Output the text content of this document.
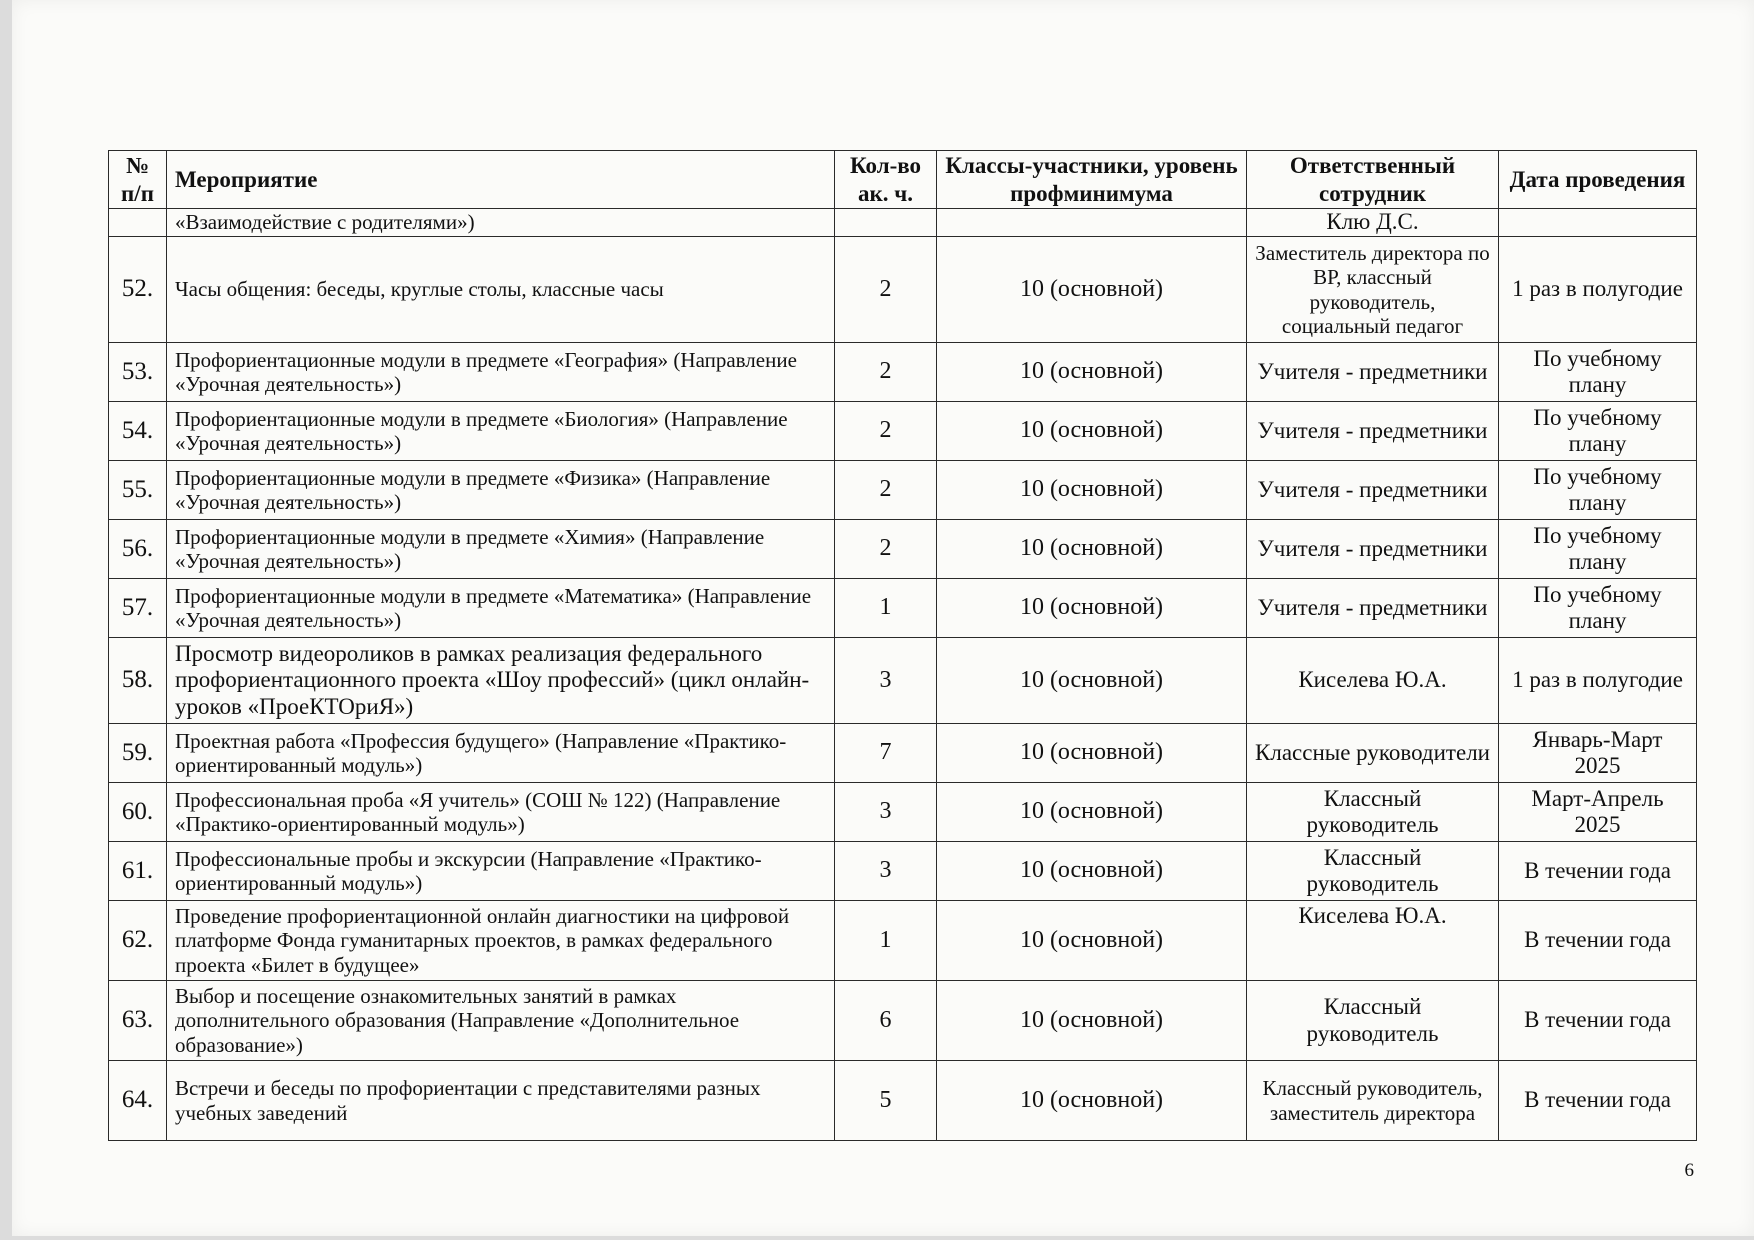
№ п/п	Мероприятие	Кол-во ак. ч.	Классы-участники, уровень профминимума	Ответственный сотрудник	Дата проведения
	«Взаимодействие с родителями»)			Клю Д.С.	
52.	Часы общения: беседы, круглые столы, классные часы	2	10 (основной)	Заместитель директора по ВР, классный руководитель, социальный педагог	1 раз в полугодие
53.	Профориентационные модули в предмете «География» (Направление «Урочная деятельность»)	2	10 (основной)	Учителя - предметники	По учебному плану
54.	Профориентационные модули в предмете «Биология» (Направление «Урочная деятельность»)	2	10 (основной)	Учителя - предметники	По учебному плану
55.	Профориентационные модули в предмете «Физика» (Направление «Урочная деятельность»)	2	10 (основной)	Учителя - предметники	По учебному плану
56.	Профориентационные модули в предмете «Химия» (Направление «Урочная деятельность»)	2	10 (основной)	Учителя - предметники	По учебному плану
57.	Профориентационные модули в предмете «Математика» (Направление «Урочная деятельность»)	1	10 (основной)	Учителя - предметники	По учебному плану
58.	Просмотр видеороликов в рамках реализация федерального профориентационного проекта «Шоу профессий» (цикл онлайн-уроков «ПроеКТОриЯ»)	3	10 (основной)	Киселева Ю.А.	1 раз в полугодие
59.	Проектная работа «Профессия будущего» (Направление «Практико-ориентированный модуль»)	7	10 (основной)	Классные руководители	Январь-Март 2025
60.	Профессиональная проба «Я учитель» (СОШ № 122) (Направление «Практико-ориентированный модуль»)	3	10 (основной)	Классный руководитель	Март-Апрель 2025
61.	Профессиональные пробы и экскурсии (Направление «Практико-ориентированный модуль»)	3	10 (основной)	Классный руководитель	В течении года
62.	Проведение профориентационной онлайн диагностики на цифровой платформе Фонда гуманитарных проектов, в рамках федерального проекта «Билет в будущее»	1	10 (основной)	Киселева Ю.А.	В течении года
63.	Выбор и посещение ознакомительных занятий в рамках дополнительного образования (Направление «Дополнительное образование»)	6	10 (основной)	Классный руководитель	В течении года
64.	Встречи и беседы по профориентации с представителями разных учебных заведений	5	10 (основной)	Классный руководитель, заместитель директора	В течении года
6
